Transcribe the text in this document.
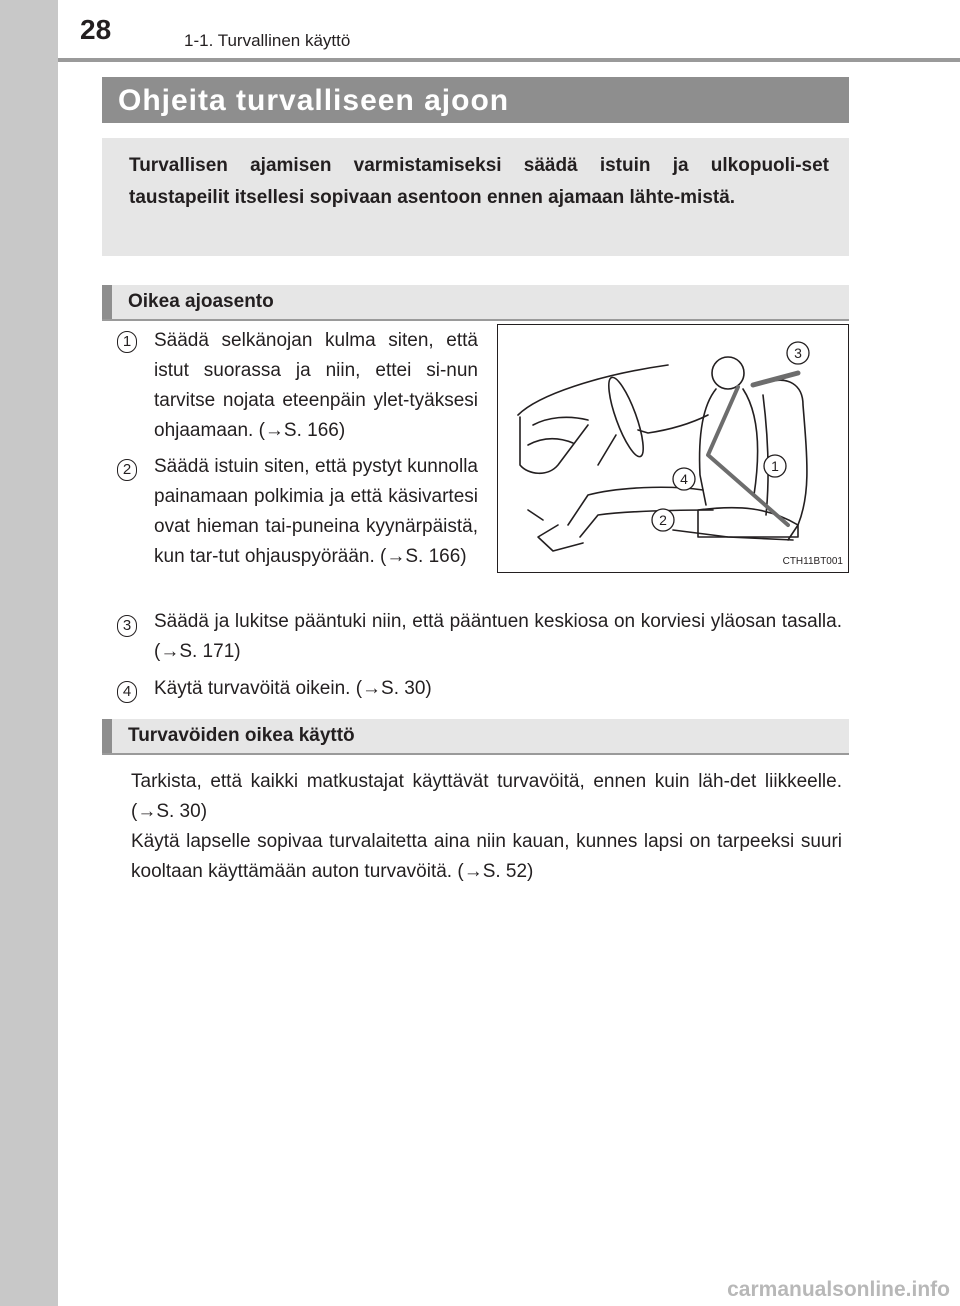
28	1-1. Turvallinen käyttö
Ohjeita turvalliseen ajoon

Turvallisen ajamisen varmistamiseksi säädä istuin ja ulkopuoli-set taustapeilit itsellesi sopivaan asentoon ennen ajamaan lähte-mistä.

Oikea ajoasento
1	Säädä selkänojan kulma siten, että istut suorassa ja niin, ettei si-nun tarvitse nojata eteenpäin ylet-tyäksesi ohjaamaan. (→S. 166)

2	Säädä istuin siten, että pystyt kunnolla painamaan polkimia ja että käsivartesi ovat hieman tai-puneina kyynärpäistä, kun tar-tut ohjauspyörään. (→S. 166)

3	Säädä ja lukitse pääntuki niin, että pääntuen keskiosa on korviesi yläosan tasalla. (→S. 171)

4	Käytä turvavöitä oikein. (→S. 30)

3
1
4
2
CTH11BT001
Turvavöiden oikea käyttö

Tarkista, että kaikki matkustajat käyttävät turvavöitä, ennen kuin läh-det liikkeelle. (→S. 30)

Käytä lapselle sopivaa turvalaitetta aina niin kauan, kunnes lapsi on tarpeeksi suuri kooltaan käyttämään auton turvavöitä. (→S. 52)

carmanualsonline.info
